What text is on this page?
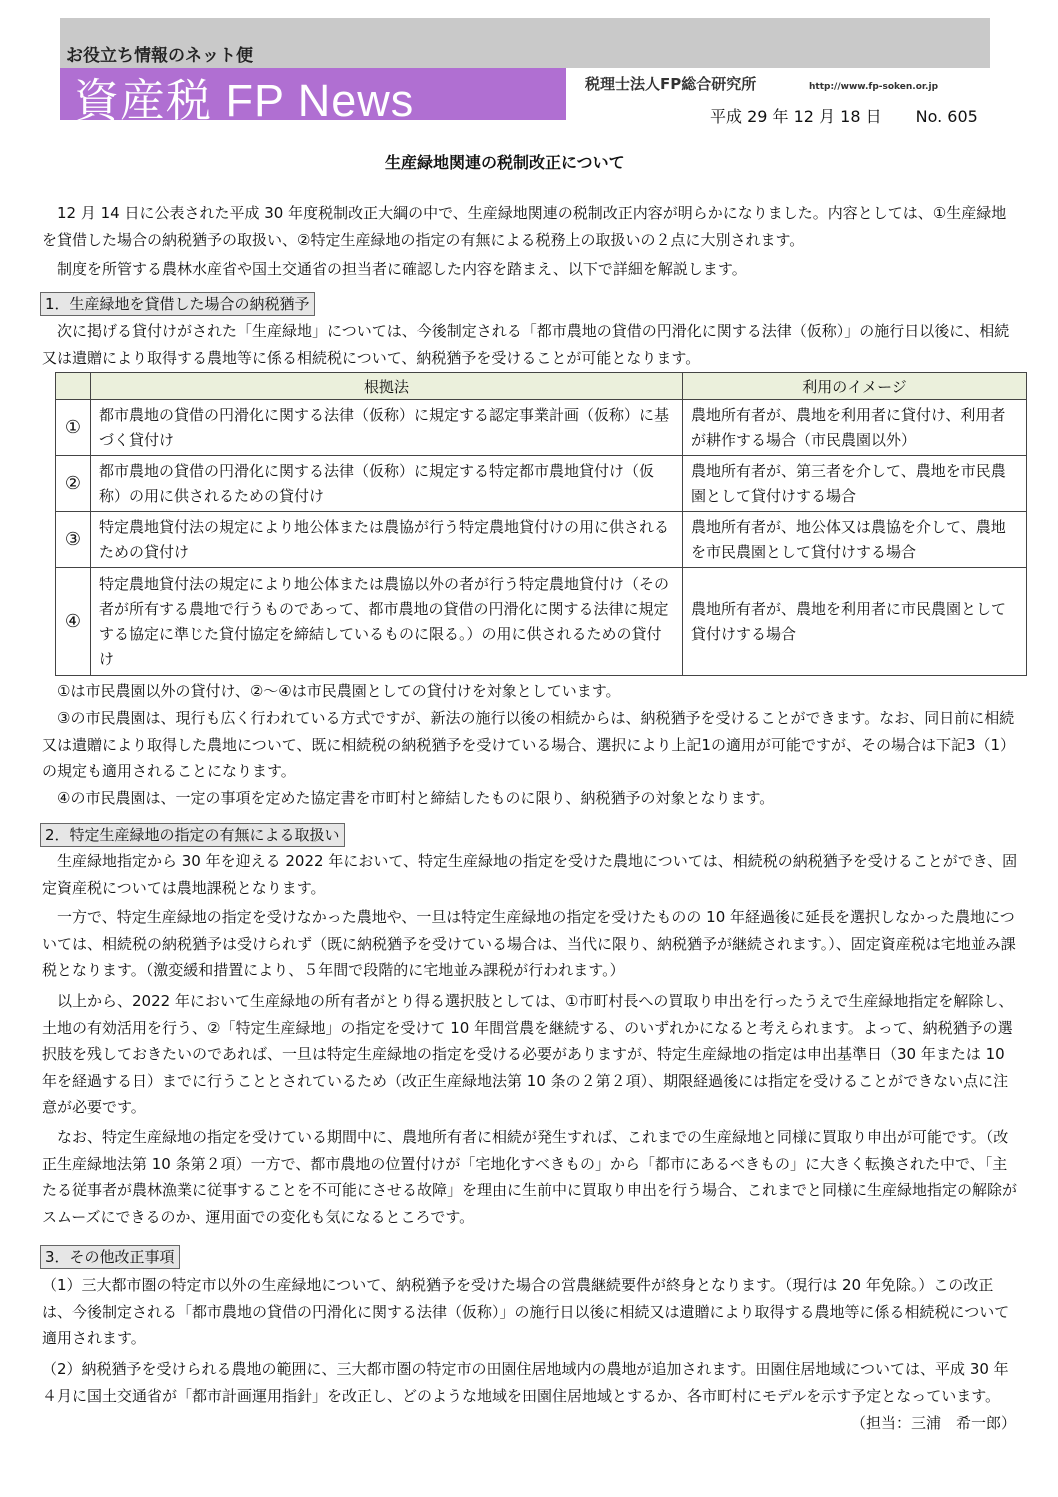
お役立ち情報のネット便
資産税 FP News	税理士法人FP総合研究所	http://www.fp-soken.or.jp
平成 29 年 12 月 18 日 No. 605
生産緑地関連の税制改正について
12 月 14 日に公表された平成 30 年度税制改正大綱の中で、生産緑地関連の税制改正内容が明らかになりました。内容としては、①生産緑地を貸借した場合の納税猶予の取扱い、②特定生産緑地の指定の有無による税務上の取扱いの２点に大別されます。
制度を所管する農林水産省や国土交通省の担当者に確認した内容を踏まえ、以下で詳細を解説します。
1．生産緑地を貸借した場合の納税猶予
次に掲げる貸付けがされた「生産緑地」については、今後制定される「都市農地の貸借の円滑化に関する法律（仮称）」の施行日以後に、相続又は遺贈により取得する農地等に係る相続税について、納税猶予を受けることが可能となります。
	根拠法	利用のイメージ
①	都市農地の貸借の円滑化に関する法律（仮称）に規定する認定事業計画（仮称）に基づく貸付け	農地所有者が、農地を利用者に貸付け、利用者が耕作する場合（市民農園以外）
②	都市農地の貸借の円滑化に関する法律（仮称）に規定する特定都市農地貸付け（仮称）の用に供されるための貸付け	農地所有者が、第三者を介して、農地を市民農園として貸付けする場合
③	特定農地貸付法の規定により地公体または農協が行う特定農地貸付けの用に供されるための貸付け	農地所有者が、地公体又は農協を介して、農地を市民農園として貸付けする場合
④	特定農地貸付法の規定により地公体または農協以外の者が行う特定農地貸付け（その者が所有する農地で行うものであって、都市農地の貸借の円滑化に関する法律に規定する協定に準じた貸付協定を締結しているものに限る。）の用に供されるための貸付け	農地所有者が、農地を利用者に市民農園として貸付けする場合
①は市民農園以外の貸付け、②～④は市民農園としての貸付けを対象としています。
③の市民農園は、現行も広く行われている方式ですが、新法の施行以後の相続からは、納税猶予を受けることができます。なお、同日前に相続又は遺贈により取得した農地について、既に相続税の納税猶予を受けている場合、選択により上記1の適用が可能ですが、その場合は下記3（1）の規定も適用されることになります。
④の市民農園は、一定の事項を定めた協定書を市町村と締結したものに限り、納税猶予の対象となります。
2．特定生産緑地の指定の有無による取扱い
生産緑地指定から 30 年を迎える 2022 年において、特定生産緑地の指定を受けた農地については、相続税の納税猶予を受けることができ、固定資産税については農地課税となります。
一方で、特定生産緑地の指定を受けなかった農地や、一旦は特定生産緑地の指定を受けたものの 10 年経過後に延長を選択しなかった農地については、相続税の納税猶予は受けられず（既に納税猶予を受けている場合は、当代に限り、納税猶予が継続されます。）、固定資産税は宅地並み課税となります。（激変緩和措置により、５年間で段階的に宅地並み課税が行われます。）
以上から、2022 年において生産緑地の所有者がとり得る選択肢としては、①市町村長への買取り申出を行ったうえで生産緑地指定を解除し、土地の有効活用を行う、②「特定生産緑地」の指定を受けて 10 年間営農を継続する、のいずれかになると考えられます。よって、納税猶予の選択肢を残しておきたいのであれば、一旦は特定生産緑地の指定を受ける必要がありますが、特定生産緑地の指定は申出基準日（30 年または 10 年を経過する日）までに行うこととされているため（改正生産緑地法第 10 条の２第２項）、期限経過後には指定を受けることができない点に注意が必要です。
なお、特定生産緑地の指定を受けている期間中に、農地所有者に相続が発生すれば、これまでの生産緑地と同様に買取り申出が可能です。（改正生産緑地法第 10 条第２項）一方で、都市農地の位置付けが「宅地化すべきもの」から「都市にあるべきもの」に大きく転換された中で、「主たる従事者が農林漁業に従事することを不可能にさせる故障」を理由に生前中に買取り申出を行う場合、これまでと同様に生産緑地指定の解除がスムーズにできるのか、運用面での変化も気になるところです。
3．その他改正事項
（1）三大都市圏の特定市以外の生産緑地について、納税猶予を受けた場合の営農継続要件が終身となります。（現行は 20 年免除。）この改正は、今後制定される「都市農地の貸借の円滑化に関する法律（仮称）」の施行日以後に相続又は遺贈により取得する農地等に係る相続税について適用されます。
（2）納税猶予を受けられる農地の範囲に、三大都市圏の特定市の田園住居地域内の農地が追加されます。田園住居地域については、平成 30 年４月に国土交通省が「都市計画運用指針」を改正し、どのような地域を田園住居地域とするか、各市町村にモデルを示す予定となっています。
（担当：三浦　希一郎）
